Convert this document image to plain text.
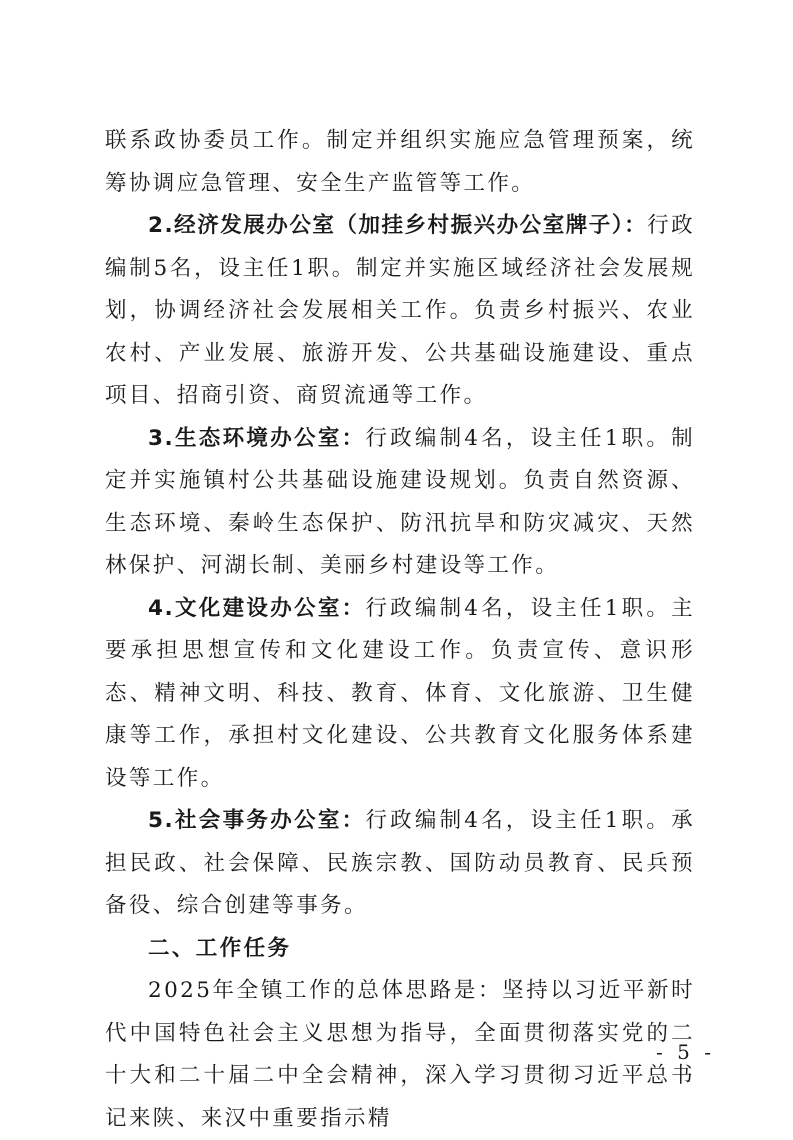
联系政协委员工作。制定并组织实施应急管理预案，统筹协调应急管理、安全生产监管等工作。

2.经济发展办公室（加挂乡村振兴办公室牌子）：行政编制5名，设主任1职。制定并实施区域经济社会发展规划，协调经济社会发展相关工作。负责乡村振兴、农业农村、产业发展、旅游开发、公共基础设施建设、重点项目、招商引资、商贸流通等工作。

3.生态环境办公室：行政编制4名，设主任1职。制定并实施镇村公共基础设施建设规划。负责自然资源、生态环境、秦岭生态保护、防汛抗旱和防灾减灾、天然林保护、河湖长制、美丽乡村建设等工作。

4.文化建设办公室：行政编制4名，设主任1职。主要承担思想宣传和文化建设工作。负责宣传、意识形态、精神文明、科技、教育、体育、文化旅游、卫生健康等工作，承担村文化建设、公共教育文化服务体系建设等工作。

5.社会事务办公室：行政编制4名，设主任1职。承担民政、社会保障、民族宗教、国防动员教育、民兵预备役、综合创建等事务。

二、工作任务

2025年全镇工作的总体思路是：坚持以习近平新时代中国特色社会主义思想为指导，全面贯彻落实党的二十大和二十届二中全会精神，深入学习贯彻习近平总书记来陕、来汉中重要指示精

- 5 -
